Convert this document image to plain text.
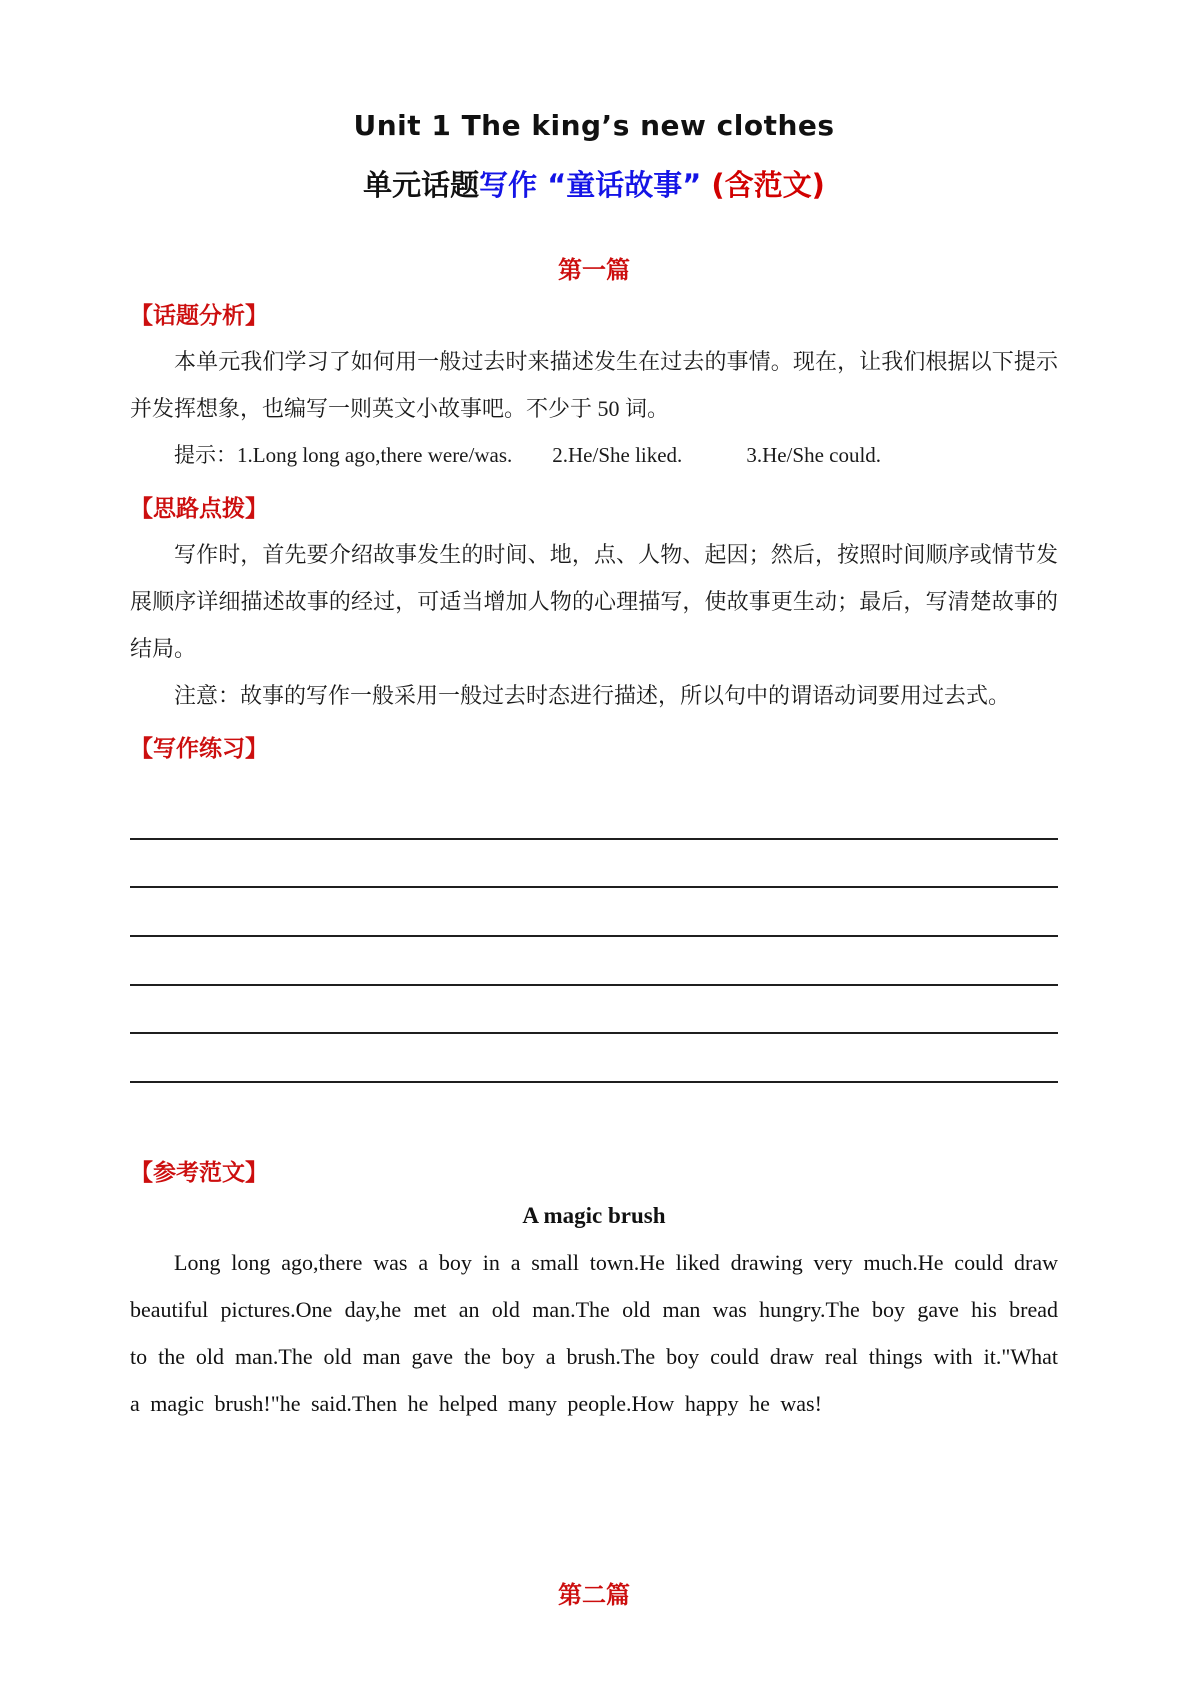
Unit 1 The king’s new clothes
单元话题写作 “童话故事” (含范文)
第一篇
【话题分析】

本单元我们学习了如何用一般过去时来描述发生在过去的事情。现在，让我们根据以下提示并发挥想象，也编写一则英文小故事吧。不少于 50 词。

提示：1.Long long ago,there were/was. 2.He/She liked.	3.He/She could.
【思路点拨】

写作时，首先要介绍故事发生的时间、地，点、人物、起因；然后，按照时间顺序或情节发展顺序详细描述故事的经过，可适当增加人物的心理描写，使故事更生动；最后，写清楚故事的结局。

注意：故事的写作一般采用一般过去时态进行描述，所以句中的谓语动词要用过去式。

【写作练习】
【参考范文】
A magic brush

Long long ago,there was a boy in a small town.He liked drawing very much.He could draw beautiful pictures.One day,he met an old man.The old man was hungry.The boy gave his bread to the old man.The old man gave the boy a brush.The boy could draw real things with it."What a magic brush!"he said.Then he helped many people.How happy he was!

第二篇
